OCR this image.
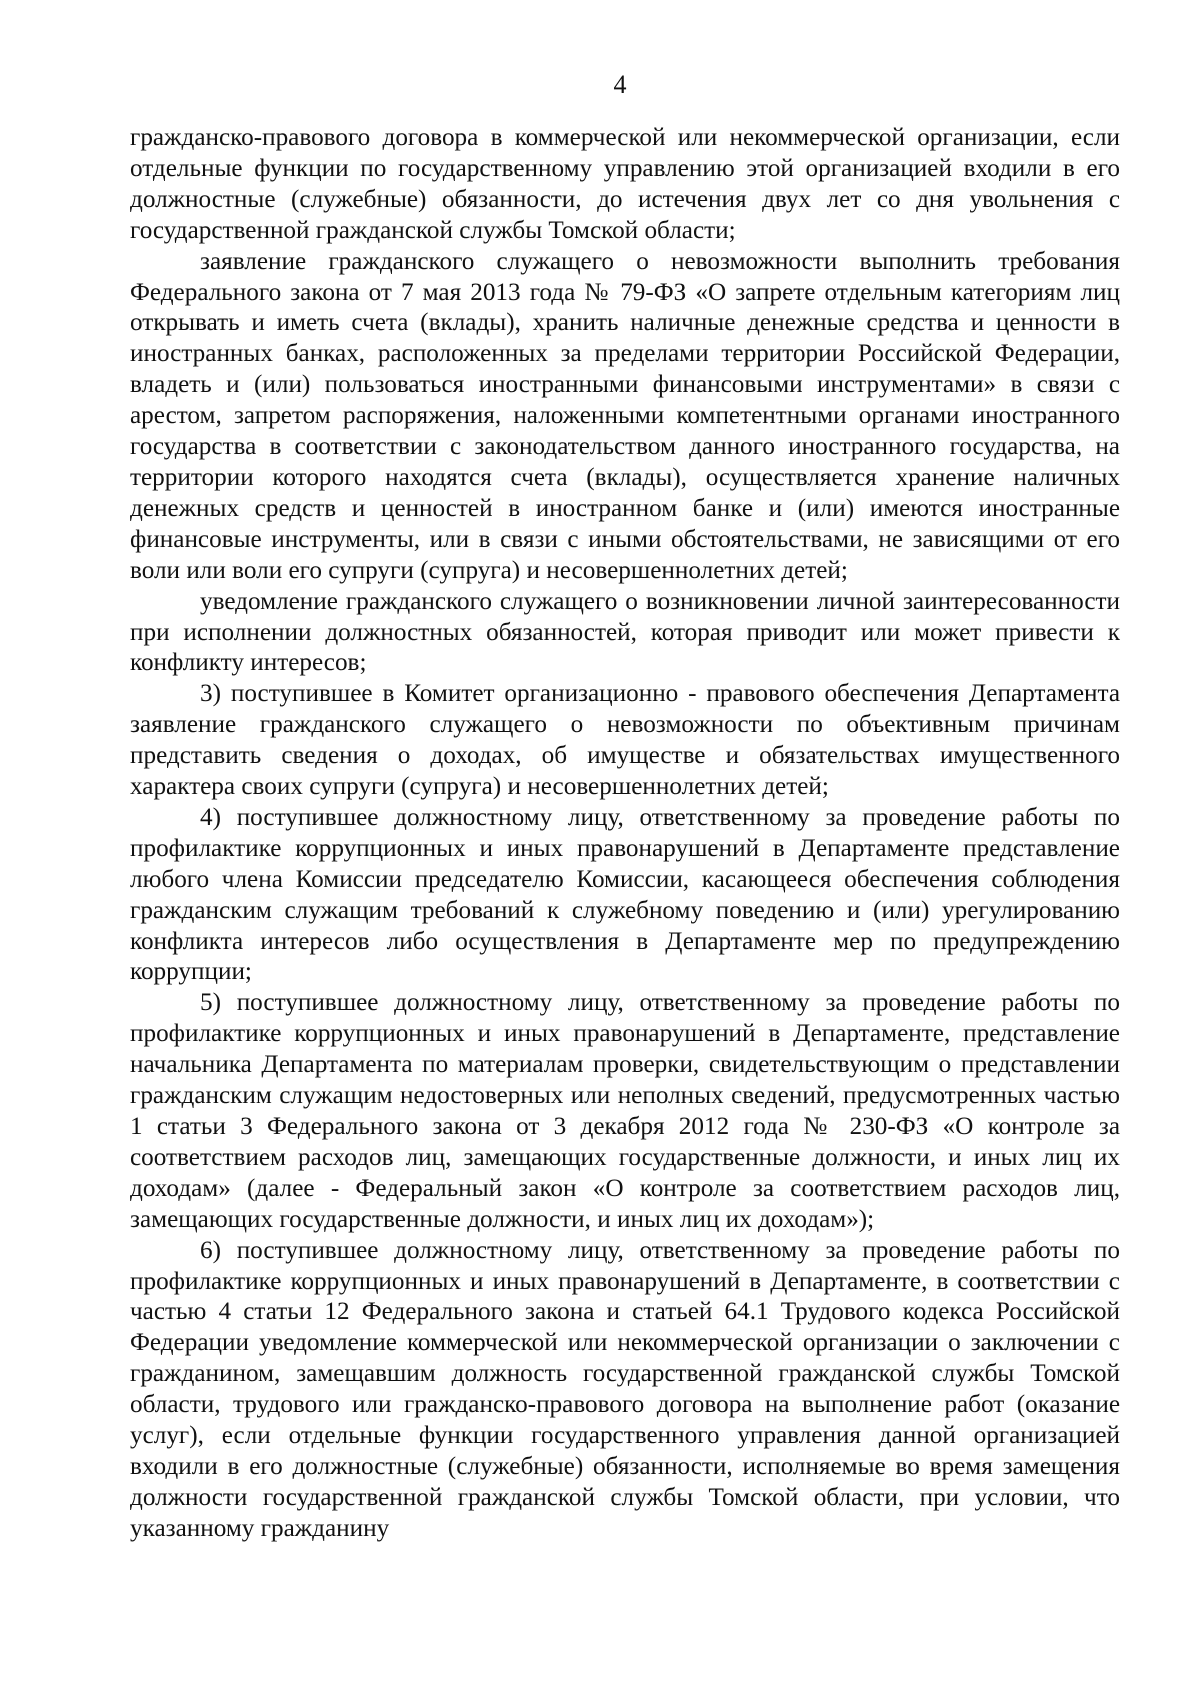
4

гражданско-правового договора в коммерческой или некоммерческой организации, если отдельные функции по государственному управлению этой организацией входили в его должностные (служебные) обязанности, до истечения двух лет со дня увольнения с государственной гражданской службы Томской области;

заявление гражданского служащего о невозможности выполнить требования Федерального закона от 7 мая 2013 года № 79-ФЗ «О запрете отдельным категориям лиц открывать и иметь счета (вклады), хранить наличные денежные средства и ценности в иностранных банках, расположенных за пределами территории Российской Федерации, владеть и (или) пользоваться иностранными финансовыми инструментами» в связи с арестом, запретом распоряжения, наложенными компетентными органами иностранного государства в соответствии с законодательством данного иностранного государства, на территории которого находятся счета (вклады), осуществляется хранение наличных денежных средств и ценностей в иностранном банке и (или) имеются иностранные финансовые инструменты, или в связи с иными обстоятельствами, не зависящими от его воли или воли его супруги (супруга) и несовершеннолетних детей;

уведомление гражданского служащего о возникновении личной заинтересованности при исполнении должностных обязанностей, которая приводит или может привести к конфликту интересов;

3) поступившее в Комитет организационно - правового обеспечения Департамента заявление гражданского служащего о невозможности по объективным причинам представить сведения о доходах, об имуществе и обязательствах имущественного характера своих супруги (супруга) и несовершеннолетних детей;

4) поступившее должностному лицу, ответственному за проведение работы по профилактике коррупционных и иных правонарушений в Департаменте представление любого члена Комиссии председателю Комиссии, касающееся обеспечения соблюдения гражданским служащим требований к служебному поведению и (или) урегулированию конфликта интересов либо осуществления в Департаменте мер по предупреждению коррупции;

5) поступившее должностному лицу, ответственному за проведение работы по профилактике коррупционных и иных правонарушений в Департаменте, представление начальника Департамента по материалам проверки, свидетельствующим о представлении гражданским служащим недостоверных или неполных сведений, предусмотренных частью 1 статьи 3 Федерального закона от 3 декабря 2012 года № 230-ФЗ «О контроле за соответствием расходов лиц, замещающих государственные должности, и иных лиц их доходам» (далее - Федеральный закон «О контроле за соответствием расходов лиц, замещающих государственные должности, и иных лиц их доходам»);

6) поступившее должностному лицу, ответственному за проведение работы по профилактике коррупционных и иных правонарушений в Департаменте, в соответствии с частью 4 статьи 12 Федерального закона и статьей 64.1 Трудового кодекса Российской Федерации уведомление коммерческой или некоммерческой организации о заключении с гражданином, замещавшим должность государственной гражданской службы Томской области, трудового или гражданско-правового договора на выполнение работ (оказание услуг), если отдельные функции государственного управления данной организацией входили в его должностные (служебные) обязанности, исполняемые во время замещения должности государственной гражданской службы Томской области, при условии, что указанному гражданину
